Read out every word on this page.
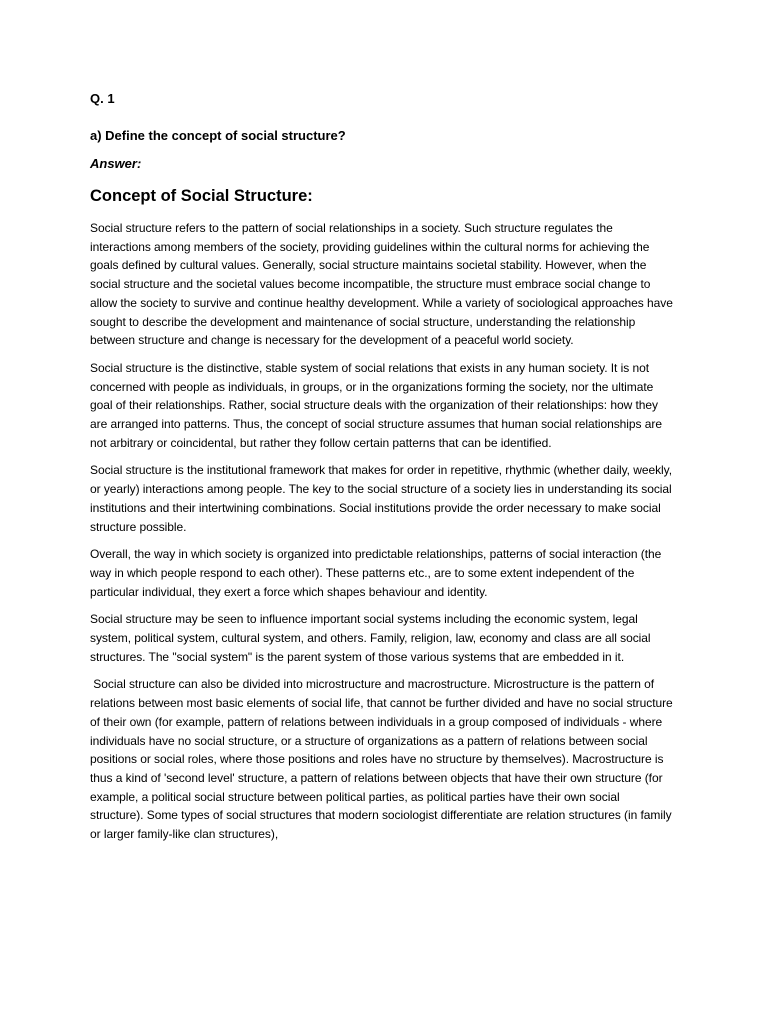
Q. 1

a) Define the concept of social structure?

Answer:

Concept of Social Structure:

Social structure refers to the pattern of social relationships in a society. Such structure regulates the interactions among members of the society, providing guidelines within the cultural norms for achieving the goals defined by cultural values. Generally, social structure maintains societal stability. However, when the social structure and the societal values become incompatible, the structure must embrace social change to allow the society to survive and continue healthy development. While a variety of sociological approaches have sought to describe the development and maintenance of social structure, understanding the relationship between structure and change is necessary for the development of a peaceful world society.

Social structure is the distinctive, stable system of social relations that exists in any human society. It is not concerned with people as individuals, in groups, or in the organizations forming the society, nor the ultimate goal of their relationships. Rather, social structure deals with the organization of their relationships: how they are arranged into patterns. Thus, the concept of social structure assumes that human social relationships are not arbitrary or coincidental, but rather they follow certain patterns that can be identified.

Social structure is the institutional framework that makes for order in repetitive, rhythmic (whether daily, weekly, or yearly) interactions among people. The key to the social structure of a society lies in understanding its social institutions and their intertwining combinations. Social institutions provide the order necessary to make social structure possible.

Overall, the way in which society is organized into predictable relationships, patterns of social interaction (the way in which people respond to each other). These patterns etc., are to some extent independent of the particular individual, they exert a force which shapes behaviour and identity.

Social structure may be seen to influence important social systems including the economic system, legal system, political system, cultural system, and others. Family, religion, law, economy and class are all social structures. The "social system" is the parent system of those various systems that are embedded in it.

Social structure can also be divided into microstructure and macrostructure. Microstructure is the pattern of relations between most basic elements of social life, that cannot be further divided and have no social structure of their own (for example, pattern of relations between individuals in a group composed of individuals - where individuals have no social structure, or a structure of organizations as a pattern of relations between social positions or social roles, where those positions and roles have no structure by themselves). Macrostructure is thus a kind of 'second level' structure, a pattern of relations between objects that have their own structure (for example, a political social structure between political parties, as political parties have their own social structure). Some types of social structures that modern sociologist differentiate are relation structures (in family or larger family-like clan structures),
